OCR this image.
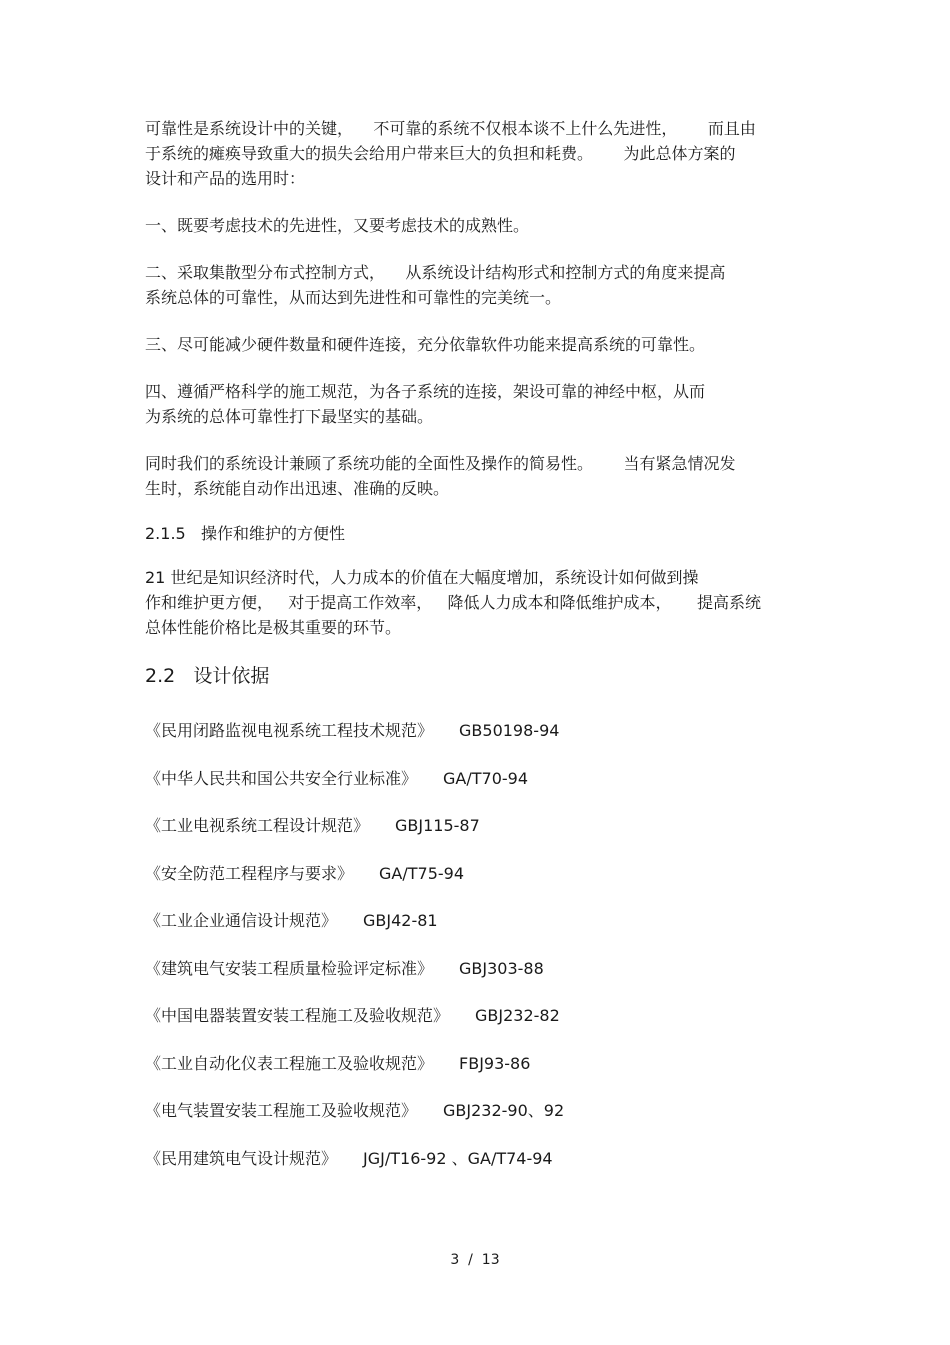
可靠性是系统设计中的关键，    不可靠的系统不仅根本谈不上什么先进性，      而且由
于系统的瘫痪导致重大的损失会给用户带来巨大的负担和耗费。      为此总体方案的
设计和产品的选用时：
一、既要考虑技术的先进性，又要考虑技术的成熟性。
二、采取集散型分布式控制方式，    从系统设计结构形式和控制方式的角度来提高
系统总体的可靠性，从而达到先进性和可靠性的完美统一。
三、尽可能减少硬件数量和硬件连接，充分依靠软件功能来提高系统的可靠性。
四、遵循严格科学的施工规范，为各子系统的连接，架设可靠的神经中枢，从而
为系统的总体可靠性打下最坚实的基础。
同时我们的系统设计兼顾了系统功能的全面性及操作的简易性。      当有紧急情况发
生时，系统能自动作出迅速、准确的反映。
2.1.5   操作和维护的方便性
21 世纪是知识经济时代，人力成本的价值在大幅度增加，系统设计如何做到操
作和维护更方便，   对于提高工作效率，   降低人力成本和降低维护成本，     提高系统
总体性能价格比是极其重要的环节。
2.2   设计依据
《民用闭路监视电视系统工程技术规范》 GB50198-94
《中华人民共和国公共安全行业标准》 GA/T70-94
《工业电视系统工程设计规范》 GBJ115-87
《安全防范工程程序与要求》 GA/T75-94
《工业企业通信设计规范》 GBJ42-81
《建筑电气安装工程质量检验评定标准》 GBJ303-88
《中国电器装置安装工程施工及验收规范》 GBJ232-82
《工业自动化仪表工程施工及验收规范》 FBJ93-86
《电气装置安装工程施工及验收规范》 GBJ232-90、92
《民用建筑电气设计规范》 JGJ/T16-92 、GA/T74-94
3  /  13
